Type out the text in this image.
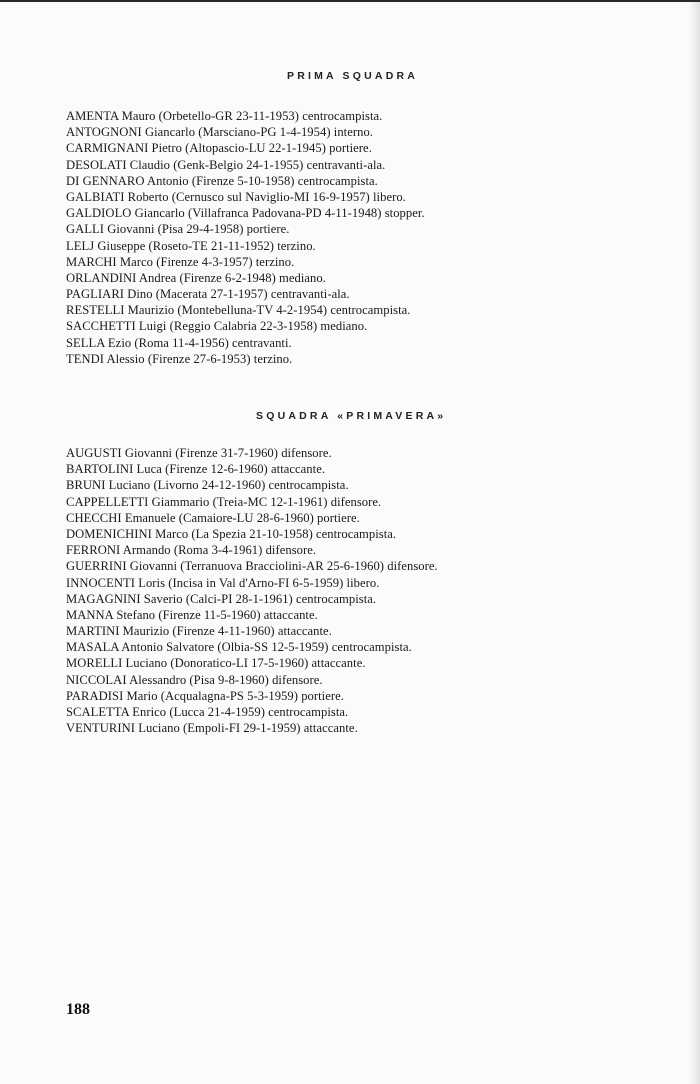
PRIMA SQUADRA
AMENTA Mauro (Orbetello-GR 23-11-1953) centrocampista.
ANTOGNONI Giancarlo (Marsciano-PG 1-4-1954) interno.
CARMIGNANI Pietro (Altopascio-LU 22-1-1945) portiere.
DESOLATI Claudio (Genk-Belgio 24-1-1955) centravanti-ala.
DI GENNARO Antonio (Firenze 5-10-1958) centrocampista.
GALBIATI Roberto (Cernusco sul Naviglio-MI 16-9-1957) libero.
GALDIOLO Giancarlo (Villafranca Padovana-PD 4-11-1948) stopper.
GALLI Giovanni (Pisa 29-4-1958) portiere.
LELJ Giuseppe (Roseto-TE 21-11-1952) terzino.
MARCHI Marco (Firenze 4-3-1957) terzino.
ORLANDINI Andrea (Firenze 6-2-1948) mediano.
PAGLIARI Dino (Macerata 27-1-1957) centravanti-ala.
RESTELLI Maurizio (Montebelluna-TV 4-2-1954) centrocampista.
SACCHETTI Luigi (Reggio Calabria 22-3-1958) mediano.
SELLA Ezio (Roma 11-4-1956) centravanti.
TENDI Alessio (Firenze 27-6-1953) terzino.
SQUADRA «PRIMAVERA»
AUGUSTI Giovanni (Firenze 31-7-1960) difensore.
BARTOLINI Luca (Firenze 12-6-1960) attaccante.
BRUNI Luciano (Livorno 24-12-1960) centrocampista.
CAPPELLETTI Giammario (Treia-MC 12-1-1961) difensore.
CHECCHI Emanuele (Camaiore-LU 28-6-1960) portiere.
DOMENICHINI Marco (La Spezia 21-10-1958) centrocampista.
FERRONI Armando (Roma 3-4-1961) difensore.
GUERRINI Giovanni (Terranuova Bracciolini-AR 25-6-1960) difensore.
INNOCENTI Loris (Incisa in Val d'Arno-FI 6-5-1959) libero.
MAGAGNINI Saverio (Calci-PI 28-1-1961) centrocampista.
MANNA Stefano (Firenze 11-5-1960) attaccante.
MARTINI Maurizio (Firenze 4-11-1960) attaccante.
MASALA Antonio Salvatore (Olbia-SS 12-5-1959) centrocampista.
MORELLI Luciano (Donoratico-LI 17-5-1960) attaccante.
NICCOLAI Alessandro (Pisa 9-8-1960) difensore.
PARADISI Mario (Acqualagna-PS 5-3-1959) portiere.
SCALETTA Enrico (Lucca 21-4-1959) centrocampista.
VENTURINI Luciano (Empoli-FI 29-1-1959) attaccante.
188
